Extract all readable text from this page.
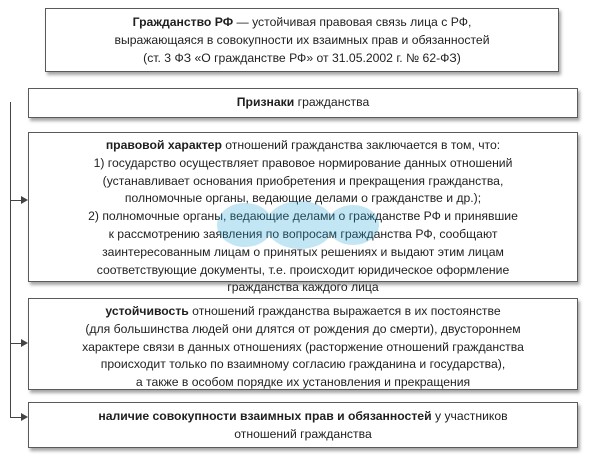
Гражданство РФ — устойчивая правовая связь лица с РФ,
выражающаяся в совокупности их взаимных прав и обязанностей
(ст. 3 ФЗ «О гражданстве РФ» от 31.05.2002 г. № 62-ФЗ)
Признаки гражданства
правовой характер отношений гражданства заключается в том, что:
1) государство осуществляет правовое нормирование данных отношений
(устанавливает основания приобретения и прекращения гражданства,
полномочные органы, ведающие делами о гражданстве и др.);
2) полномочные органы, ведающие делами о гражданстве РФ и принявшие
к рассмотрению заявления по вопросам гражданства РФ, сообщают
заинтересованным лицам о принятых решениях и выдают этим лицам
соответствующие документы, т.е. происходит юридическое оформление
гражданства каждого лица
устойчивость отношений гражданства выражается в их постоянстве
(для большинства людей они длятся от рождения до смерти), двустороннем
характере связи в данных отношениях (расторжение отношений гражданства
происходит только по взаимному согласию гражданина и государства),
а также в особом порядке их установления и прекращения
наличие совокупности взаимных прав и обязанностей у участников
отношений гражданства
